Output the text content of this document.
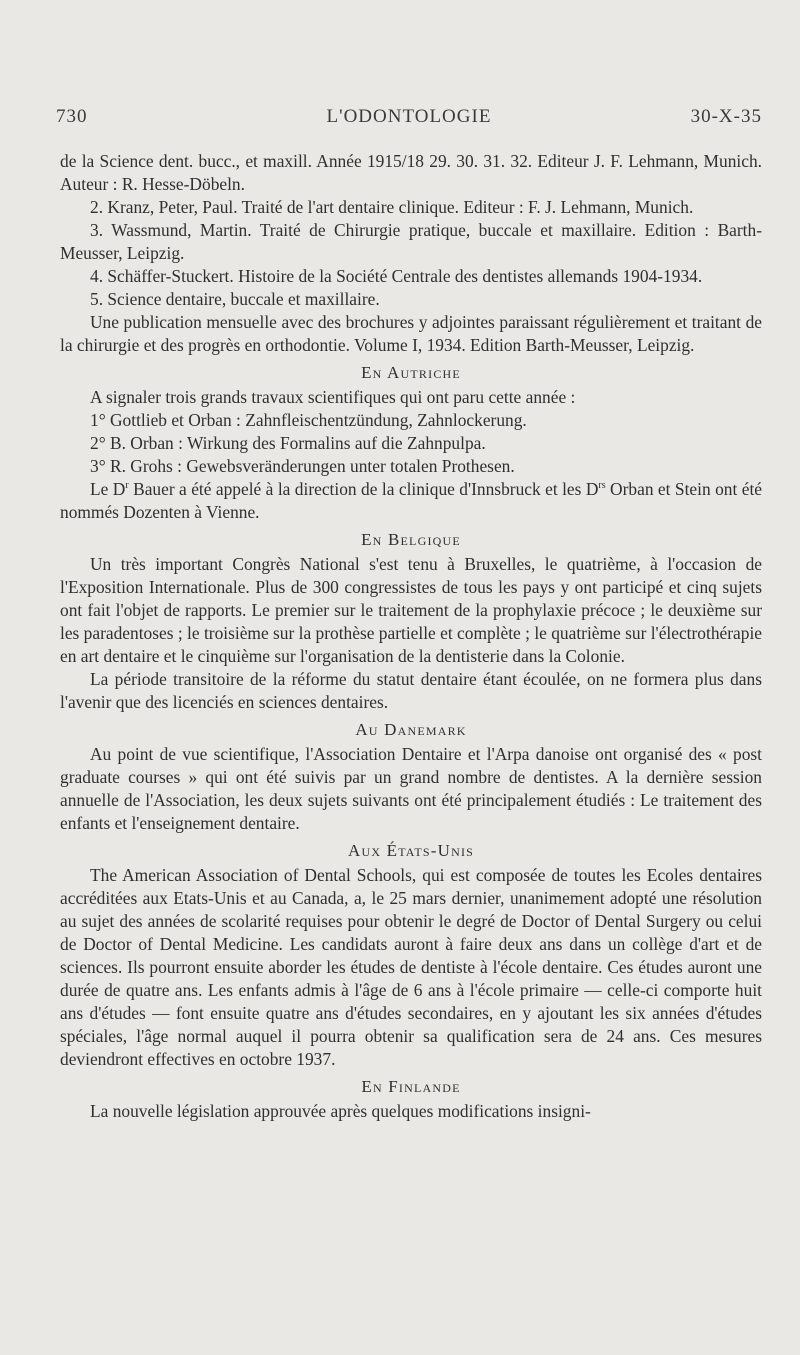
730	L'ODONTOLOGIE	30-X-35

de la Science dent. bucc., et maxill. Année 1915/18 29. 30. 31. 32. Editeur J. F. Lehmann, Munich. Auteur : R. Hesse-Döbeln.

2. Kranz, Peter, Paul. Traité de l'art dentaire clinique. Editeur : F. J. Lehmann, Munich.

3. Wassmund, Martin. Traité de Chirurgie pratique, buccale et maxillaire. Edition : Barth-Meusser, Leipzig.

4. Schäffer-Stuckert. Histoire de la Société Centrale des dentistes allemands 1904-1934.

5. Science dentaire, buccale et maxillaire.

Une publication mensuelle avec des brochures y adjointes paraissant régulièrement et traitant de la chirurgie et des progrès en orthodontie. Volume I, 1934. Edition Barth-Meusser, Leipzig.

En Autriche

A signaler trois grands travaux scientifiques qui ont paru cette année :

1° Gottlieb et Orban : Zahnfleischentzündung, Zahnlockerung.

2° B. Orban : Wirkung des Formalins auf die Zahnpulpa.

3° R. Grohs : Gewebsveränderungen unter totalen Prothesen.

Le $D^r$ Bauer a été appelé à la direction de la clinique d'Innsbruck et les $D^{rs}$ Orban et Stein ont été nommés Dozenten à Vienne.

En Belgique

Un très important Congrès National s'est tenu à Bruxelles, le quatrième, à l'occasion de l'Exposition Internationale. Plus de 300 congressistes de tous les pays y ont participé et cinq sujets ont fait l'objet de rapports. Le premier sur le traitement de la prophylaxie précoce ; le deuxième sur les paradentoses ; le troisième sur la prothèse partielle et complète ; le quatrième sur l'électrothérapie en art dentaire et le cinquième sur l'organisation de la dentisterie dans la Colonie.

La période transitoire de la réforme du statut dentaire étant écoulée, on ne formera plus dans l'avenir que des licenciés en sciences dentaires.

Au Danemark

Au point de vue scientifique, l'Association Dentaire et l'Arpa danoise ont organisé des « post graduate courses » qui ont été suivis par un grand nombre de dentistes. A la dernière session annuelle de l'Association, les deux sujets suivants ont été principalement étudiés : Le traitement des enfants et l'enseignement dentaire.

Aux États-Unis

The American Association of Dental Schools, qui est composée de toutes les Ecoles dentaires accréditées aux Etats-Unis et au Canada, a, le 25 mars dernier, unanimement adopté une résolution au sujet des années de scolarité requises pour obtenir le degré de Doctor of Dental Surgery ou celui de Doctor of Dental Medicine. Les candidats auront à faire deux ans dans un collège d'art et de sciences. Ils pourront ensuite aborder les études de dentiste à l'école dentaire. Ces études auront une durée de quatre ans. Les enfants admis à l'âge de 6 ans à l'école primaire — celle-ci comporte huit ans d'études — font ensuite quatre ans d'études secondaires, en y ajoutant les six années d'études spéciales, l'âge normal auquel il pourra obtenir sa qualification sera de 24 ans. Ces mesures deviendront effectives en octobre 1937.

En Finlande

La nouvelle législation approuvée après quelques modifications insigni-
